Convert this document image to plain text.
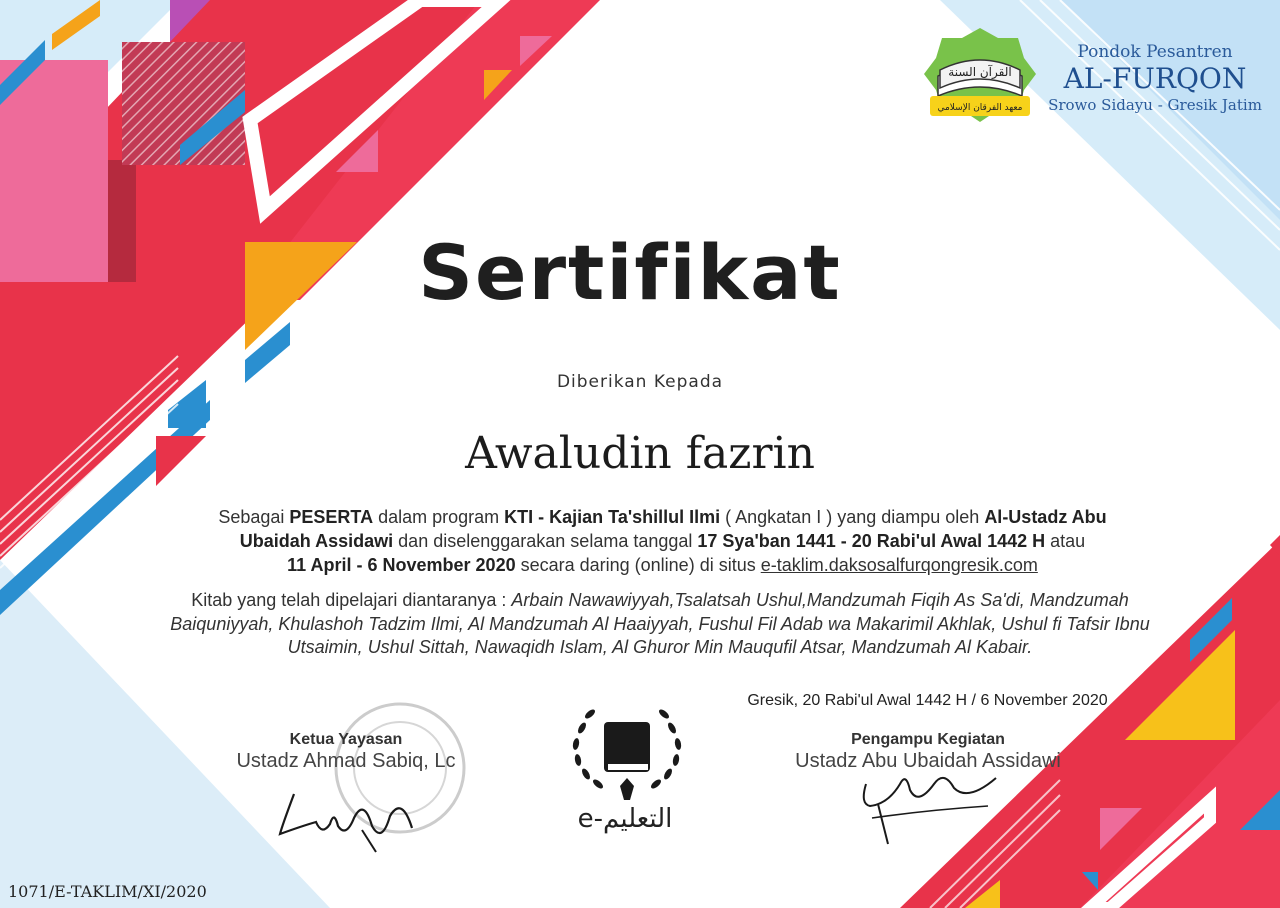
القرآن السنة
معهد الفرقان الإسلامي
Pondok Pesantren
AL-FURQON
Srowo Sidayu - Gresik Jatim
Sertifikat
Diberikan Kepada
Awaludin fazrin
Sebagai PESERTA dalam program KTI - Kajian Ta'shillul Ilmi ( Angkatan I ) yang diampu oleh Al-Ustadz Abu
Ubaidah Assidawi dan diselenggarakan selama tanggal 17 Sya'ban 1441 - 20 Rabi'ul Awal 1442 H atau
11 April - 6 November 2020 secara daring (online) di situs e-taklim.daksosalfurqongresik.com
Kitab yang telah dipelajari diantaranya : Arbain Nawawiyyah,Tsalatsah Ushul,Mandzumah Fiqih As Sa'di, Mandzumah Baiquniyyah, Khulashoh Tadzim Ilmi, Al Mandzumah Al Haaiyyah, Fushul Fil Adab wa Makarimil Akhlak, Ushul fi Tafsir Ibnu Utsaimin, Ushul Sittah, Nawaqidh Islam, Al Ghuror Min Mauqufil Atsar, Mandzumah Al Kabair.
Gresik, 20 Rabi'ul Awal 1442 H / 6 November 2020
Ketua Yayasan
Ustadz Ahmad Sabiq, Lc
e-التعليم
Pengampu Kegiatan
Ustadz Abu Ubaidah Assidawi
1071/E-TAKLIM/XI/2020
